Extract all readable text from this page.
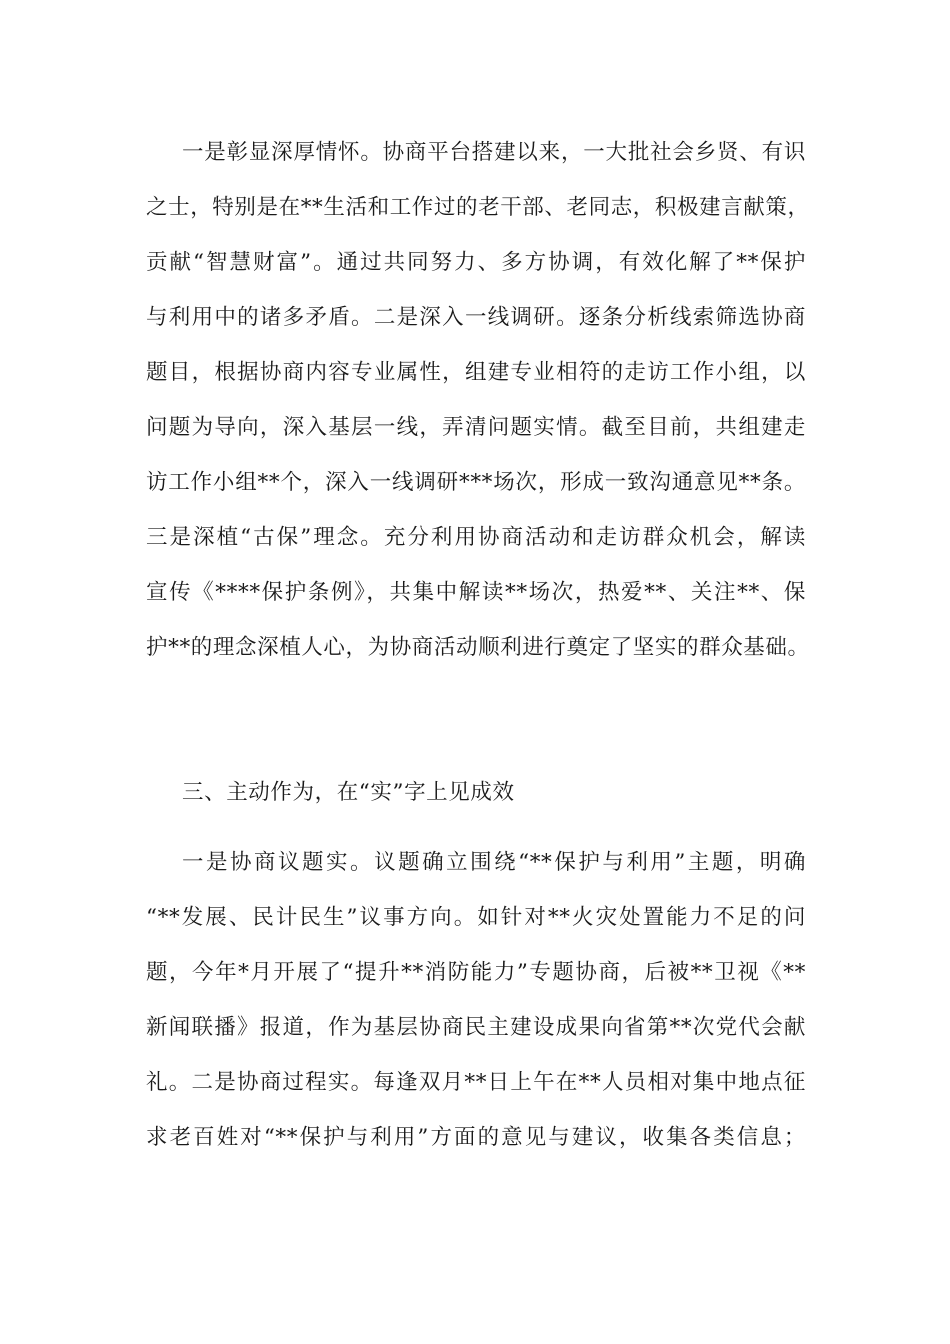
一是彰显深厚情怀。协商平台搭建以来，一大批社会乡贤、有识
之士，特别是在**生活和工作过的老干部、老同志，积极建言献策，
贡献“智慧财富”。通过共同努力、多方协调，有效化解了**保护
与利用中的诸多矛盾。二是深入一线调研。逐条分析线索筛选协商
题目，根据协商内容专业属性，组建专业相符的走访工作小组，以
问题为导向，深入基层一线，弄清问题实情。截至目前，共组建走
访工作小组**个，深入一线调研***场次，形成一致沟通意见**条。
三是深植“古保”理念。充分利用协商活动和走访群众机会，解读
宣传《****保护条例》，共集中解读**场次，热爱**、关注**、保
护**的理念深植人心，为协商活动顺利进行奠定了坚实的群众基础。
三、主动作为，在“实”字上见成效
一是协商议题实。议题确立围绕“**保护与利用”主题，明确
“**发展、民计民生”议事方向。如针对**火灾处置能力不足的问
题，今年*月开展了“提升**消防能力”专题协商，后被**卫视《**
新闻联播》报道，作为基层协商民主建设成果向省第**次党代会献
礼。二是协商过程实。每逢双月**日上午在**人员相对集中地点征
求老百姓对“**保护与利用”方面的意见与建议，收集各类信息；
